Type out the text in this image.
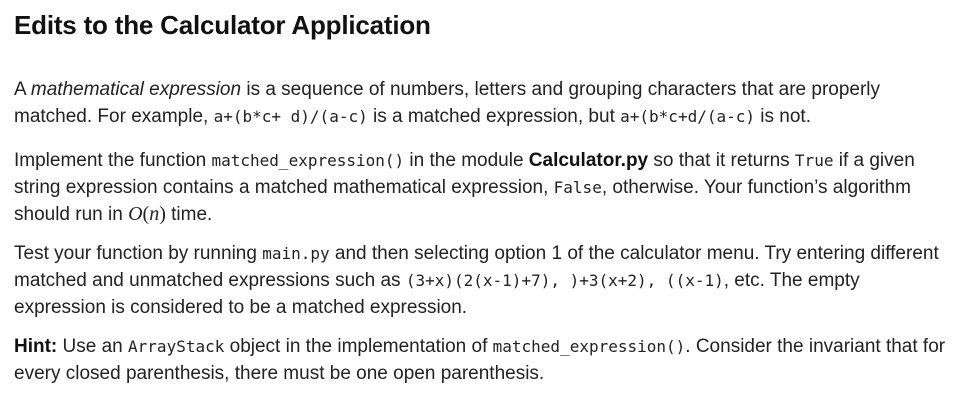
Edits to the Calculator Application

A mathematical expression is a sequence of numbers, letters and grouping characters that are properly matched. For example, a+(b*c+ d)/(a-c) is a matched expression, but a+(b*c+d/(a-c) is not.

Implement the function matched_expression() in the module Calculator.py so that it returns True if a given string expression contains a matched mathematical expression, False, otherwise. Your function’s algorithm should run in O(n) time.

Test your function by running main.py and then selecting option 1 of the calculator menu. Try entering different matched and unmatched expressions such as (3+x)(2(x-1)+7), )+3(x+2), ((x-1), etc. The empty expression is considered to be a matched expression.

Hint: Use an ArrayStack object in the implementation of matched_expression(). Consider the invariant that for every closed parenthesis, there must be one open parenthesis.
